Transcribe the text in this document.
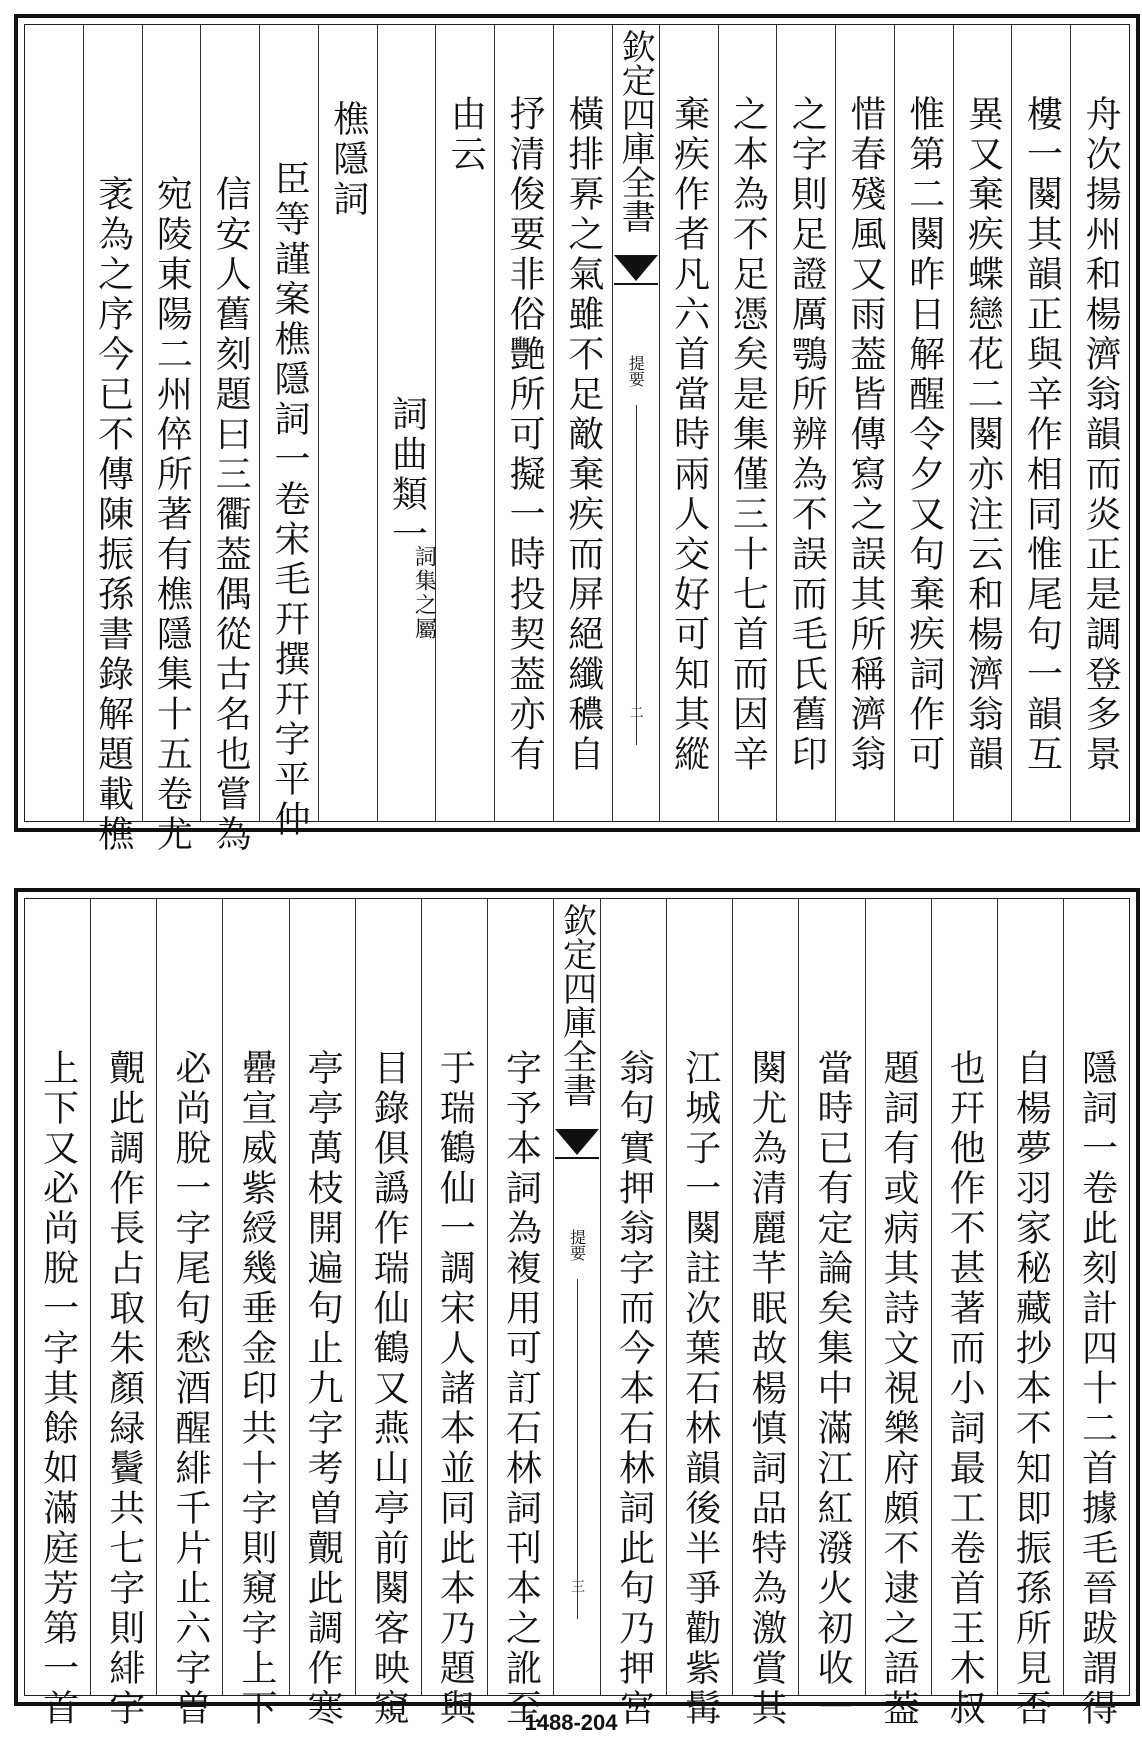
舟次揚州和楊濟翁韻而炎正是調登多景
樓一闋其韻正與辛作相同惟尾句一韻互
異又棄疾蝶戀花二闋亦注云和楊濟翁韻
惟第二闋昨日解醒令夕又句棄疾詞作可
惜春殘風又雨葢皆傳寫之誤其所稱濟翁
之字則足證厲鶚所辨為不誤而毛氏舊印
之本為不足憑矣是集僅三十七首而因辛
棄疾作者凡六首當時兩人交好可知其縱
欽定四庫全書
提要
二
橫排奡之氣雖不足敵棄疾而屏絕纖穠自
抒清俊要非俗艷所可擬一時投契葢亦有
由云
詞曲類一
詞集之屬
樵隱詞
臣等謹案樵隱詞一卷宋毛幵撰幵字平仲
信安人舊刻題曰三衢葢偶從古名也嘗為
宛陵東陽二州倅所著有樵隱集十五卷尤
袤為之序今已不傳陳振孫書錄解題載樵
隱詞一卷此刻計四十二首據毛晉跋謂得
自楊夢羽家秘藏抄本不知即振孫所見否
也幵他作不甚著而小詞最工卷首王木叔
題詞有或病其詩文視樂府頗不逮之語葢
當時已有定論矣集中滿江紅潑火初收一
闋尤為清麗芊眠故楊慎詞品特為激賞其
江城子一闋註次葉石林韻後半爭勸紫髯
翁句實押翁字而今本石林詞此句乃押宮
欽定四庫全書
提要
三
字予本詞為複用可訂石林詞刊本之訛至
于瑞鶴仙一調宋人諸本並同此本乃題與
目錄俱譌作瑞仙鶴又燕山亭前闋客映窺
亭亭萬枝開遍句止九字考曽覿此調作寒
罍宣威紫綬幾垂金印共十字則窺字上下
必尚脫一字尾句愁酒醒緋千片止六字曽
覿此調作長占取朱顏緑鬢共七字則緋字
上下又必尚脫一字其餘如滿庭芳第一首	1488-204
